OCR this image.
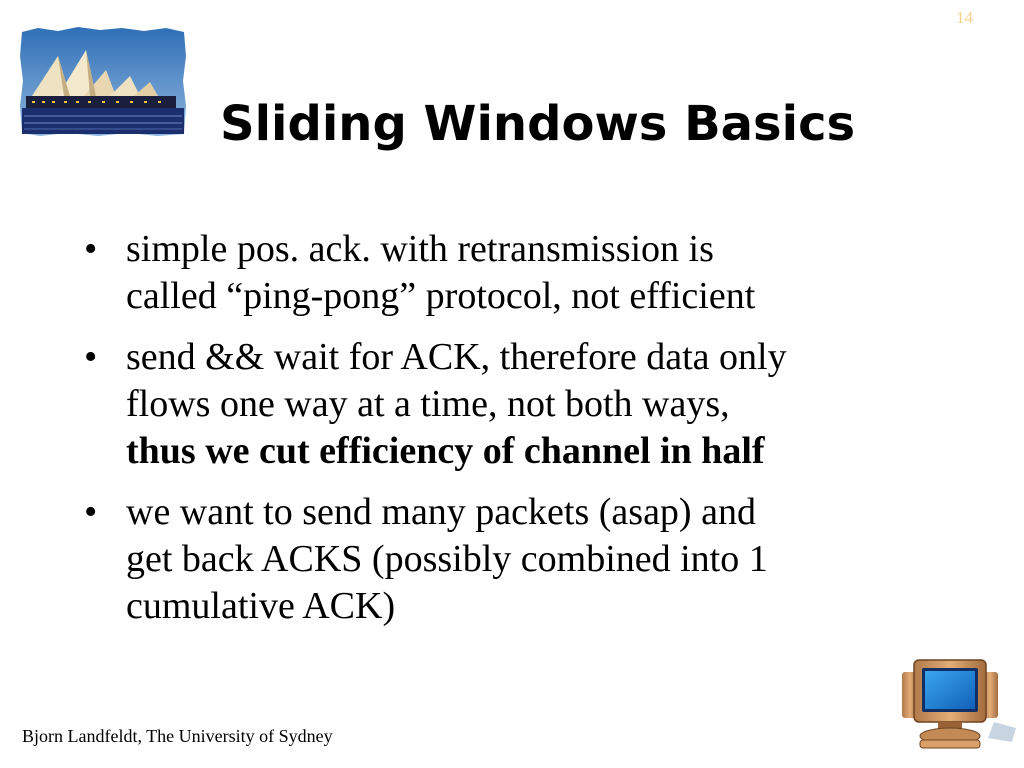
14
Sliding Windows Basics
• simple pos. ack. with retransmission is
called “ping-pong” protocol, not efficient
• send && wait for ACK, therefore data only
flows one way at a time, not both ways,
thus we cut efficiency of channel in half
• we want to send many packets (asap) and
get back ACKS (possibly combined into 1
cumulative ACK)
Bjorn Landfeldt, The University of Sydney
